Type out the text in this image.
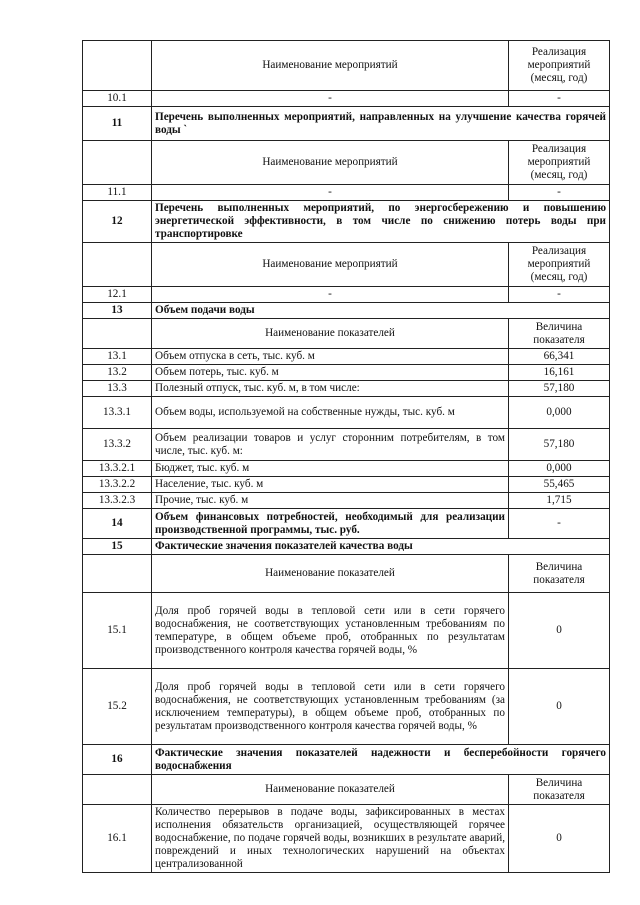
	Наименование мероприятий	Реализация мероприятий (месяц, год)
10.1	-	-
11	Перечень выполненных мероприятий, направленных на улучшение качества горячей воды `	
	Наименование мероприятий	Реализация мероприятий (месяц, год)
11.1	-	-
12	Перечень выполненных мероприятий, по энергосбережению и повышению энергетической эффективности, в том числе по снижению потерь воды при транспортировке	
	Наименование мероприятий	Реализация мероприятий (месяц, год)
12.1	-	-
13	Объем подачи воды	
	Наименование показателей	Величина показателя
13.1	Объем отпуска в сеть, тыс. куб. м	66,341
13.2	Объем потерь, тыс. куб. м	16,161
13.3	Полезный отпуск, тыс. куб. м, в том числе:	57,180
13.3.1	Объем воды, используемой на собственные нужды, тыс. куб. м	0,000
13.3.2	Объем реализации товаров и услуг сторонним потребителям, в том числе, тыс. куб. м:	57,180
13.3.2.1	Бюджет, тыс. куб. м	0,000
13.3.2.2	Население, тыс. куб. м	55,465
13.3.2.3	Прочие, тыс. куб. м	1,715
14	Объем финансовых потребностей, необходимый для реализации производственной программы, тыс. руб.	-
15	Фактические значения показателей качества воды	
	Наименование показателей	Величина показателя
15.1	Доля проб горячей воды в тепловой сети или в сети горячего водоснабжения, не соответствующих установленным требованиям по температуре, в общем объеме проб, отобранных по результатам производственного контроля качества горячей воды, %	0
15.2	Доля проб горячей воды в тепловой сети или в сети горячего водоснабжения, не соответствующих установленным требованиям (за исключением температуры), в общем объеме проб, отобранных по результатам производственного контроля качества горячей воды, %	0
16	Фактические значения показателей надежности и бесперебойности горячего водоснабжения	
	Наименование показателей	Величина показателя
16.1	Количество перерывов в подаче воды, зафиксированных в местах исполнения обязательств организацией, осуществляющей горячее водоснабжение, по подаче горячей воды, возникших в результате аварий, повреждений и иных технологических нарушений на объектах централизованной	0
